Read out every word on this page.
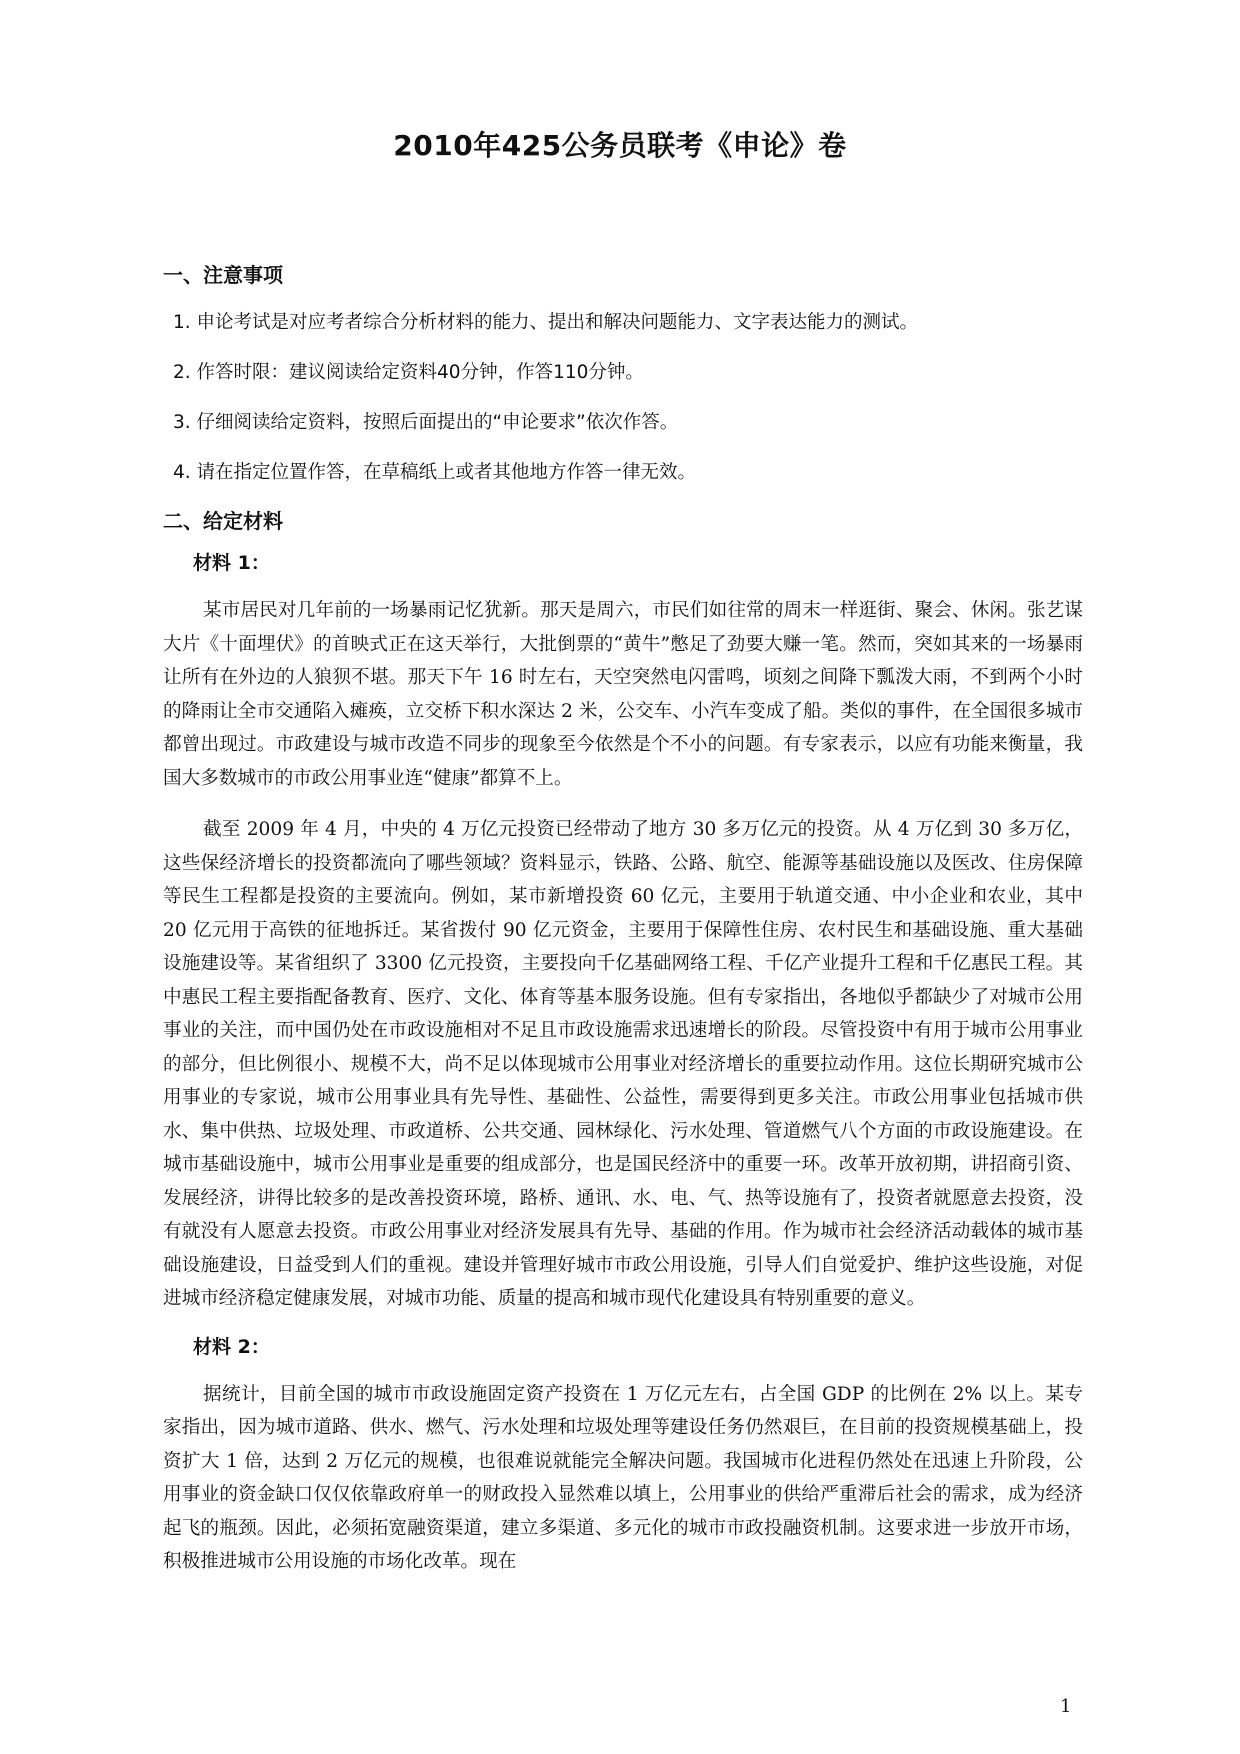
2010年425公务员联考《申论》卷
一、注意事项
1. 申论考试是对应考者综合分析材料的能力、提出和解决问题能力、文字表达能力的测试。
2. 作答时限：建议阅读给定资料40分钟，作答110分钟。
3. 仔细阅读给定资料，按照后面提出的“申论要求”依次作答。
4. 请在指定位置作答，在草稿纸上或者其他地方作答一律无效。
二、给定材料
材料 1：

某市居民对几年前的一场暴雨记忆犹新。那天是周六，市民们如往常的周末一样逛街、聚会、休闲。张艺谋大片《十面埋伏》的首映式正在这天举行，大批倒票的“黄牛”憋足了劲要大赚一笔。然而，突如其来的一场暴雨让所有在外边的人狼狈不堪。那天下午 16 时左右，天空突然电闪雷鸣，顷刻之间降下瓢泼大雨，不到两个小时的降雨让全市交通陷入瘫痪，立交桥下积水深达 2 米，公交车、小汽车变成了船。类似的事件，在全国很多城市都曾出现过。市政建设与城市改造不同步的现象至今依然是个不小的问题。有专家表示，以应有功能来衡量，我国大多数城市的市政公用事业连“健康”都算不上。

截至 2009 年 4 月，中央的 4 万亿元投资已经带动了地方 30 多万亿元的投资。从 4 万亿到 30 多万亿，这些保经济增长的投资都流向了哪些领域？资料显示，铁路、公路、航空、能源等基础设施以及医改、住房保障等民生工程都是投资的主要流向。例如，某市新增投资 60 亿元，主要用于轨道交通、中小企业和农业，其中 20 亿元用于高铁的征地拆迁。某省拨付 90 亿元资金，主要用于保障性住房、农村民生和基础设施、重大基础设施建设等。某省组织了 3300 亿元投资，主要投向千亿基础网络工程、千亿产业提升工程和千亿惠民工程。其中惠民工程主要指配备教育、医疗、文化、体育等基本服务设施。但有专家指出，各地似乎都缺少了对城市公用事业的关注，而中国仍处在市政设施相对不足且市政设施需求迅速增长的阶段。尽管投资中有用于城市公用事业的部分，但比例很小、规模不大，尚不足以体现城市公用事业对经济增长的重要拉动作用。这位长期研究城市公用事业的专家说，城市公用事业具有先导性、基础性、公益性，需要得到更多关注。市政公用事业包括城市供水、集中供热、垃圾处理、市政道桥、公共交通、园林绿化、污水处理、管道燃气八个方面的市政设施建设。在城市基础设施中，城市公用事业是重要的组成部分，也是国民经济中的重要一环。改革开放初期，讲招商引资、发展经济，讲得比较多的是改善投资环境，路桥、通讯、水、电、气、热等设施有了，投资者就愿意去投资，没有就没有人愿意去投资。市政公用事业对经济发展具有先导、基础的作用。作为城市社会经济活动载体的城市基础设施建设，日益受到人们的重视。建设并管理好城市市政公用设施，引导人们自觉爱护、维护这些设施，对促进城市经济稳定健康发展，对城市功能、质量的提高和城市现代化建设具有特别重要的意义。

材料 2：

据统计，目前全国的城市市政设施固定资产投资在 1 万亿元左右，占全国 GDP 的比例在 2% 以上。某专家指出，因为城市道路、供水、燃气、污水处理和垃圾处理等建设任务仍然艰巨，在目前的投资规模基础上，投资扩大 1 倍，达到 2 万亿元的规模，也很难说就能完全解决问题。我国城市化进程仍然处在迅速上升阶段，公用事业的资金缺口仅仅依靠政府单一的财政投入显然难以填上，公用事业的供给严重滞后社会的需求，成为经济起飞的瓶颈。因此，必须拓宽融资渠道，建立多渠道、多元化的城市市政投融资机制。这要求进一步放开市场，积极推进城市公用设施的市场化改革。现在

1
